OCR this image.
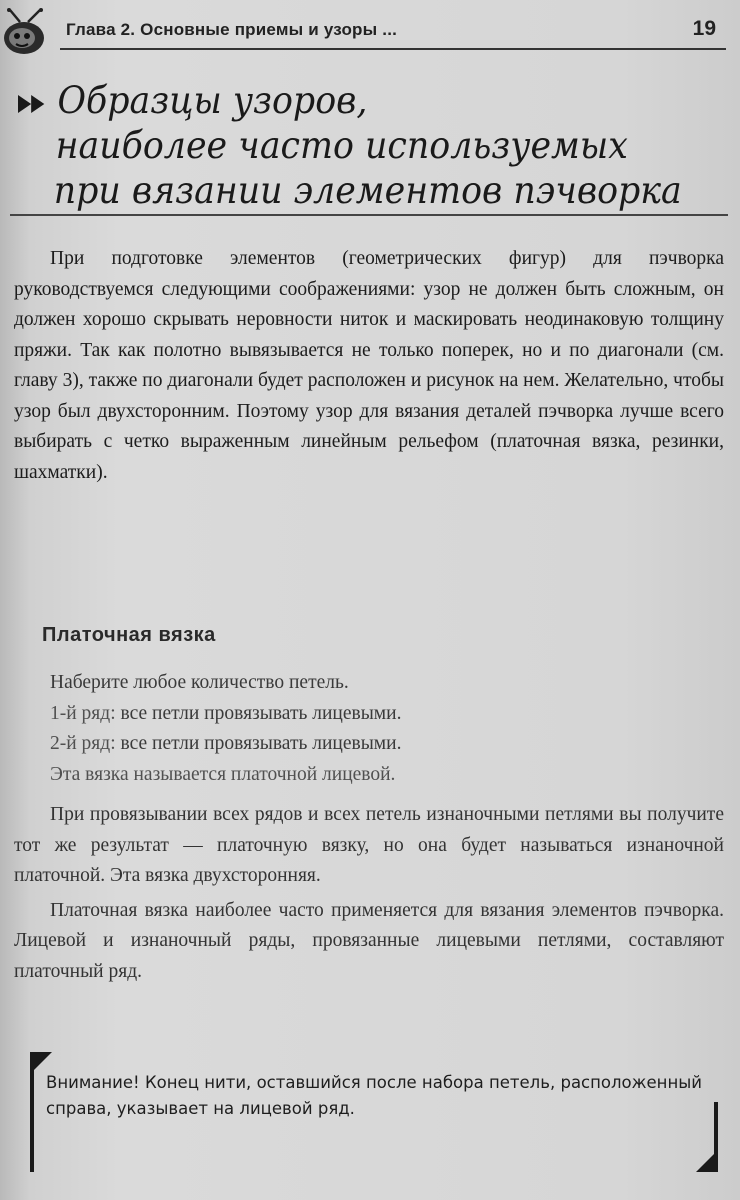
Глава 2. Основные приемы и узоры ...	19
Образцы узоров,
наиболее часто используемых
при вязании элементов пэчворка

При подготовке элементов (геометрических фигур) для пэчворка руководствуемся следующими соображениями: узор не должен быть сложным, он должен хорошо скрывать неровности ниток и маскировать неодинаковую толщину пряжи. Так как полотно вывязывается не только поперек, но и по диагонали (см. главу 3), также по диагонали будет расположен и рисунок на нем. Желательно, чтобы узор был двухсторонним. Поэтому узор для вязания деталей пэчворка лучше всего выбирать с четко выраженным линейным рельефом (платочная вязка, резинки, шахматки).

Платочная вязка
Наберите любое количество петель.
1-й ряд: все петли провязывать лицевыми.
2-й ряд: все петли провязывать лицевыми.
Эта вязка называется платочной лицевой.

При провязывании всех рядов и всех петель изнаночными петлями вы получите тот же результат — платочную вязку, но она будет называться изнаночной платочной. Эта вязка двухсторонняя.

Платочная вязка наиболее часто применяется для вязания элементов пэчворка. Лицевой и изнаночный ряды, провязанные лицевыми петлями, составляют платочный ряд.

Внимание! Конец нити, оставшийся после набора петель, расположенный справа, указывает на лицевой ряд.
